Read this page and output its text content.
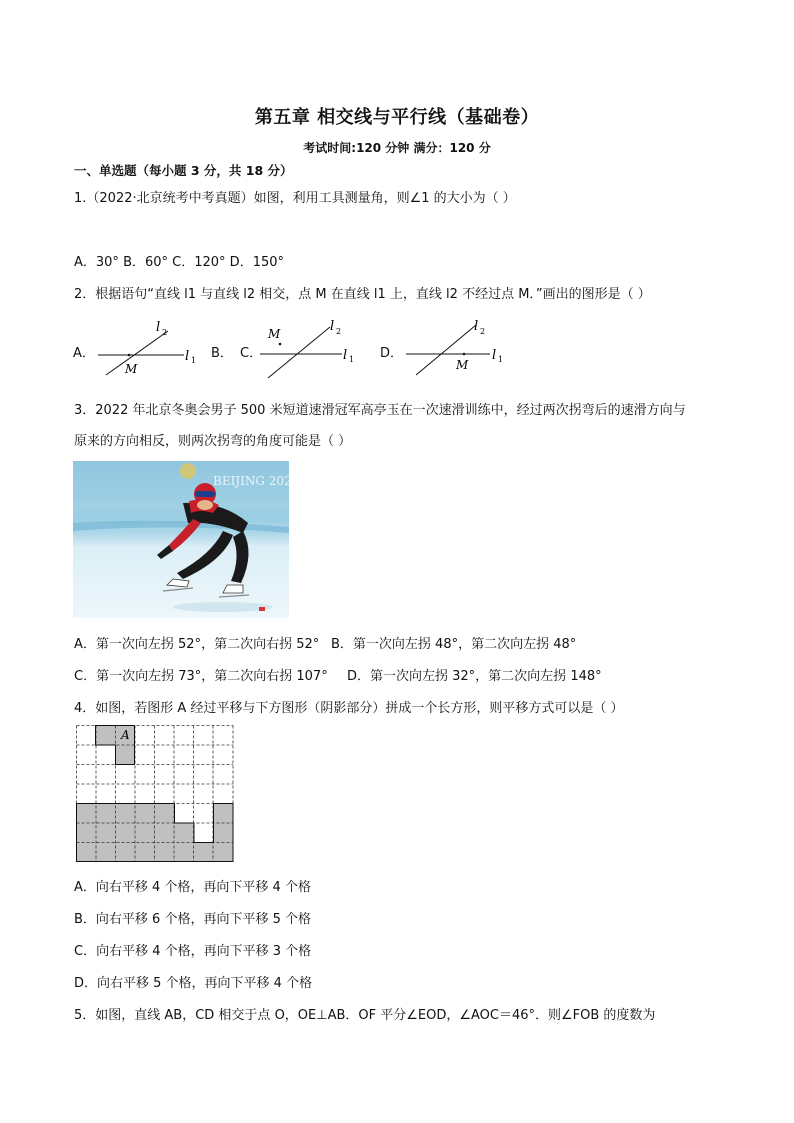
第五章 相交线与平行线（基础卷）
考试时间:120 分钟 满分：120 分
一、单选题（每小题 3 分，共 18 分）
1.（2022·北京统考中考真题）如图，利用工具测量角，则∠1 的大小为（ ）
A．30° B．60° C．120° D．150°
2．根据语句“直线 l1 与直线 l2 相交，点 M 在直线 l1 上，直线 l2 不经过点 M．”画出的图形是（ ）
A．
l 2
l 1
M
B． C．
M	l 2
l 1 D．
l 2
l 1
M
3．2022 年北京冬奥会男子 500 米短道速滑冠军高亭玉在一次速滑训练中，经过两次拐弯后的速滑方向与
原来的方向相反，则两次拐弯的角度可能是（ ）
BEIJING 2022
A．第一次向左拐 52°，第二次向右拐 52° B．第一次向左拐 48°，第二次向左拐 48°
C．第一次向左拐 73°，第二次向右拐 107° D．第一次向左拐 32°，第二次向左拐 148°
4．如图，若图形 A 经过平移与下方图形（阴影部分）拼成一个长方形，则平移方式可以是（ ）
A
A．向右平移 4 个格，再向下平移 4 个格
B．向右平移 6 个格，再向下平移 5 个格
C．向右平移 4 个格，再向下平移 3 个格
D．向右平移 5 个格，再向下平移 4 个格
5．如图，直线 AB，CD 相交于点 O，OE⊥AB．OF 平分∠EOD，∠AOC＝46°．则∠FOB 的度数为
